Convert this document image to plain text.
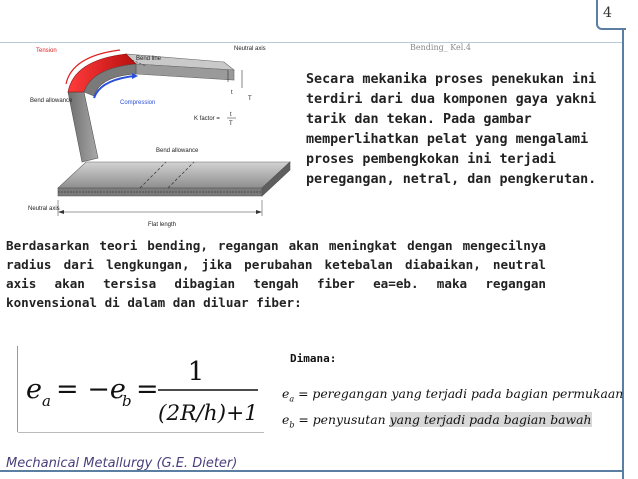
4
Bending_ Kel.4
Tension
Bend line
Neutral axis
Bend allowance	Compression
t
T
K factor =
t
T
Bend allowance
Neutral axis
Flat length

Secara mekanika proses penekukan ini terdiri dari dua komponen gaya yakni tarik dan tekan. Pada gambar memperlihatkan pelat yang mengalami proses pembengkokan ini terjadi peregangan, netral, dan pengkerutan.

Berdasarkan teori bending, regangan akan meningkat dengan mengecilnya radius dari lengkungan, jika perubahan ketebalan diabaikan, neutral axis akan tersisa dibagian tengah fiber ea=eb. maka regangan konvensional di dalam dan diluar fiber:

e a = −e
b =
1
(2R/h)+1
Dimana:
$e_a$ = peregangan yang terjadi pada bagian permukaan
$e_b$ = penyusutan yang terjadi pada bagian bawah
Mechanical Metallurgy (G.E. Dieter)
